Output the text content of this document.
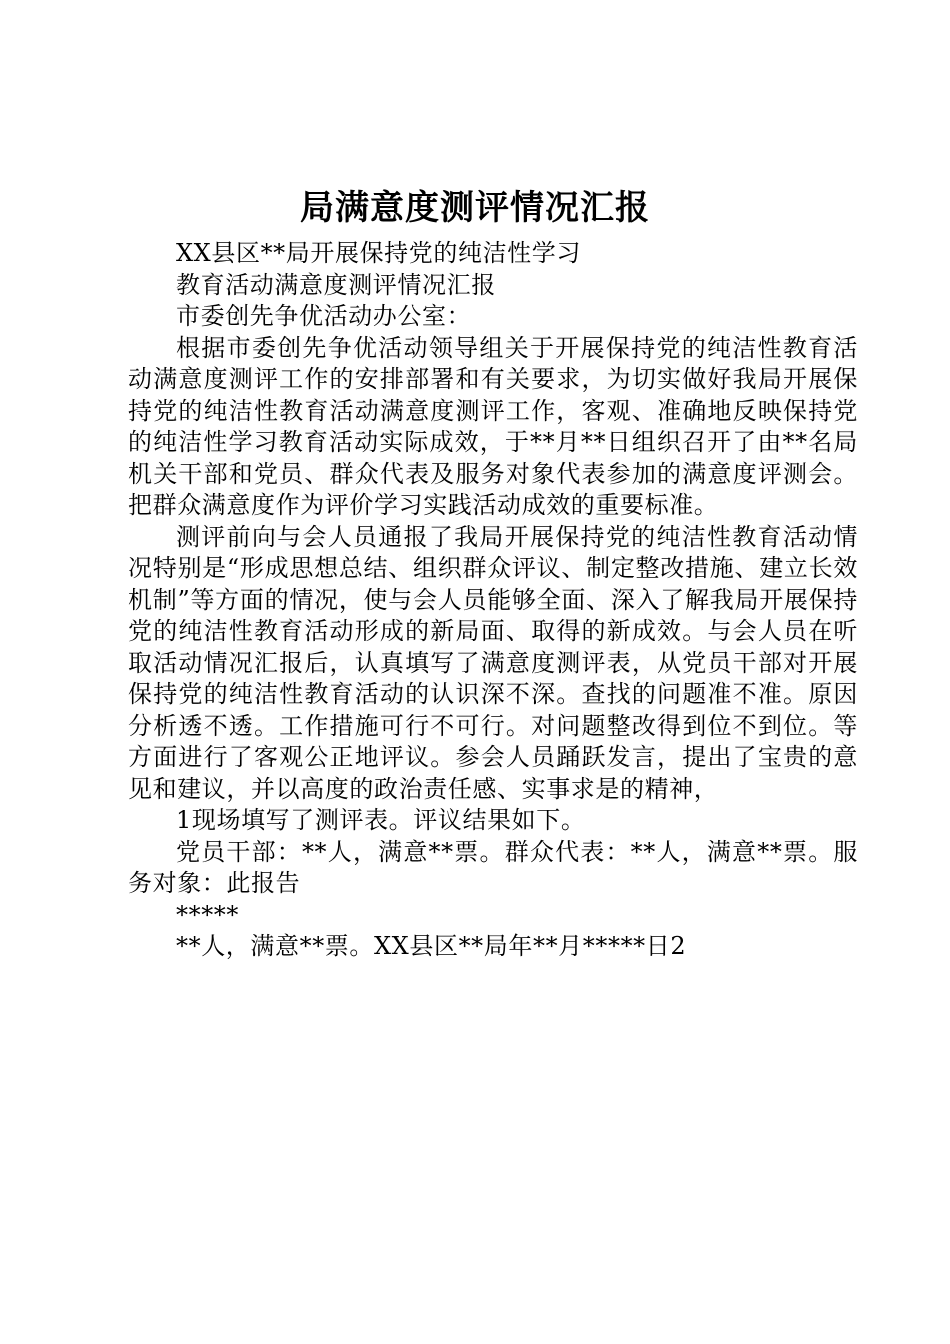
局满意度测评情况汇报

XX县区**局开展保持党的纯洁性学习

教育活动满意度测评情况汇报

市委创先争优活动办公室：

根据市委创先争优活动领导组关于开展保持党的纯洁性教育活动满意度测评工作的安排部署和有关要求，为切实做好我局开展保持党的纯洁性教育活动满意度测评工作，客观、准确地反映保持党的纯洁性学习教育活动实际成效，于**月**日组织召开了由**名局机关干部和党员、群众代表及服务对象代表参加的满意度评测会。把群众满意度作为评价学习实践活动成效的重要标准。

测评前向与会人员通报了我局开展保持党的纯洁性教育活动情况特别是“形成思想总结、组织群众评议、制定整改措施、建立长效机制”等方面的情况，使与会人员能够全面、深入了解我局开展保持党的纯洁性教育活动形成的新局面、取得的新成效。与会人员在听取活动情况汇报后，认真填写了满意度测评表，从党员干部对开展保持党的纯洁性教育活动的认识深不深。查找的问题准不准。原因分析透不透。工作措施可行不可行。对问题整改得到位不到位。等方面进行了客观公正地评议。参会人员踊跃发言，提出了宝贵的意见和建议，并以高度的政治责任感、实事求是的精神，

1现场填写了测评表。评议结果如下。

党员干部：**人，满意**票。群众代表：**人，满意**票。服务对象：此报告

*****

**人，满意**票。XX县区**局年**月*****日2
